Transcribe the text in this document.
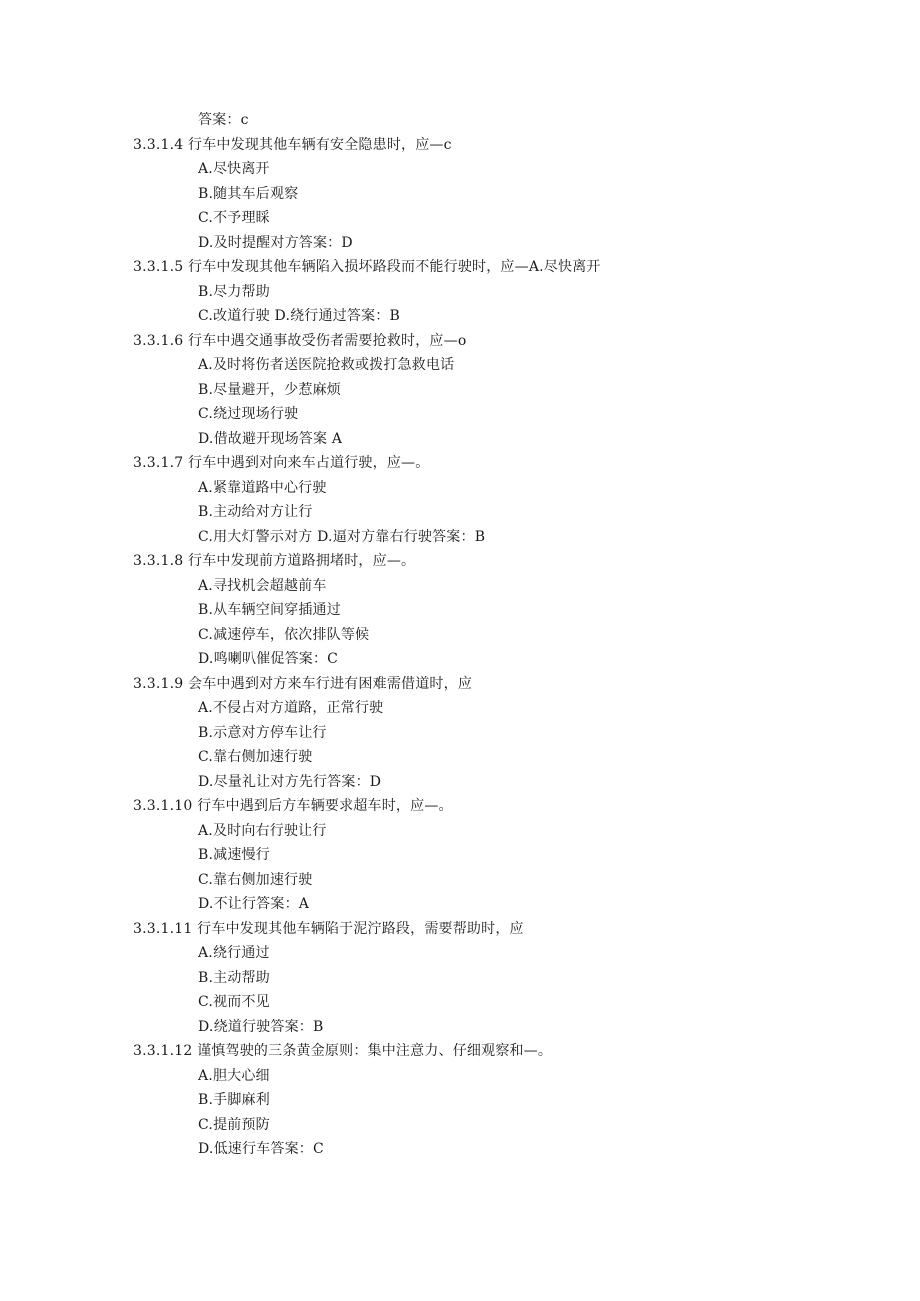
答案：c
3.3.1.4 行车中发现其他车辆有安全隐患时，应—c
A.尽快离开
B.随其车后观察
C.不予理睬
D.及时提醒对方答案：D
3.3.1.5 行车中发现其他车辆陷入损坏路段而不能行驶时，应—A.尽快离开
B.尽力帮助
C.改道行驶 D.绕行通过答案：B
3.3.1.6 行车中遇交通事故受伤者需要抢救时，应—o
A.及时将伤者送医院抢救或拨打急救电话
B.尽量避开，少惹麻烦
C.绕过现场行驶
D.借故避开现场答案 A
3.3.1.7 行车中遇到对向来车占道行驶，应—。
A.紧靠道路中心行驶
B.主动给对方让行
C.用大灯警示对方 D.逼对方靠右行驶答案：B
3.3.1.8 行车中发现前方道路拥堵时，应—。
A.寻找机会超越前车
B.从车辆空间穿插通过
C.减速停车，依次排队等候
D.鸣喇叭催促答案：C
3.3.1.9 会车中遇到对方来车行进有困难需借道时，应
A.不侵占对方道路，正常行驶
B.示意对方停车让行
C.靠右侧加速行驶
D.尽量礼让对方先行答案：D
3.3.1.10 行车中遇到后方车辆要求超车时，应—。
A.及时向右行驶让行
B.减速慢行
C.靠右侧加速行驶
D.不让行答案：A
3.3.1.11 行车中发现其他车辆陷于泥泞路段，需要帮助时，应
A.绕行通过
B.主动帮助
C.视而不见
D.绕道行驶答案：B
3.3.1.12 谨慎驾驶的三条黄金原则：集中注意力、仔细观察和—。
A.胆大心细
B.手脚麻利
C.提前预防
D.低速行车答案：C
